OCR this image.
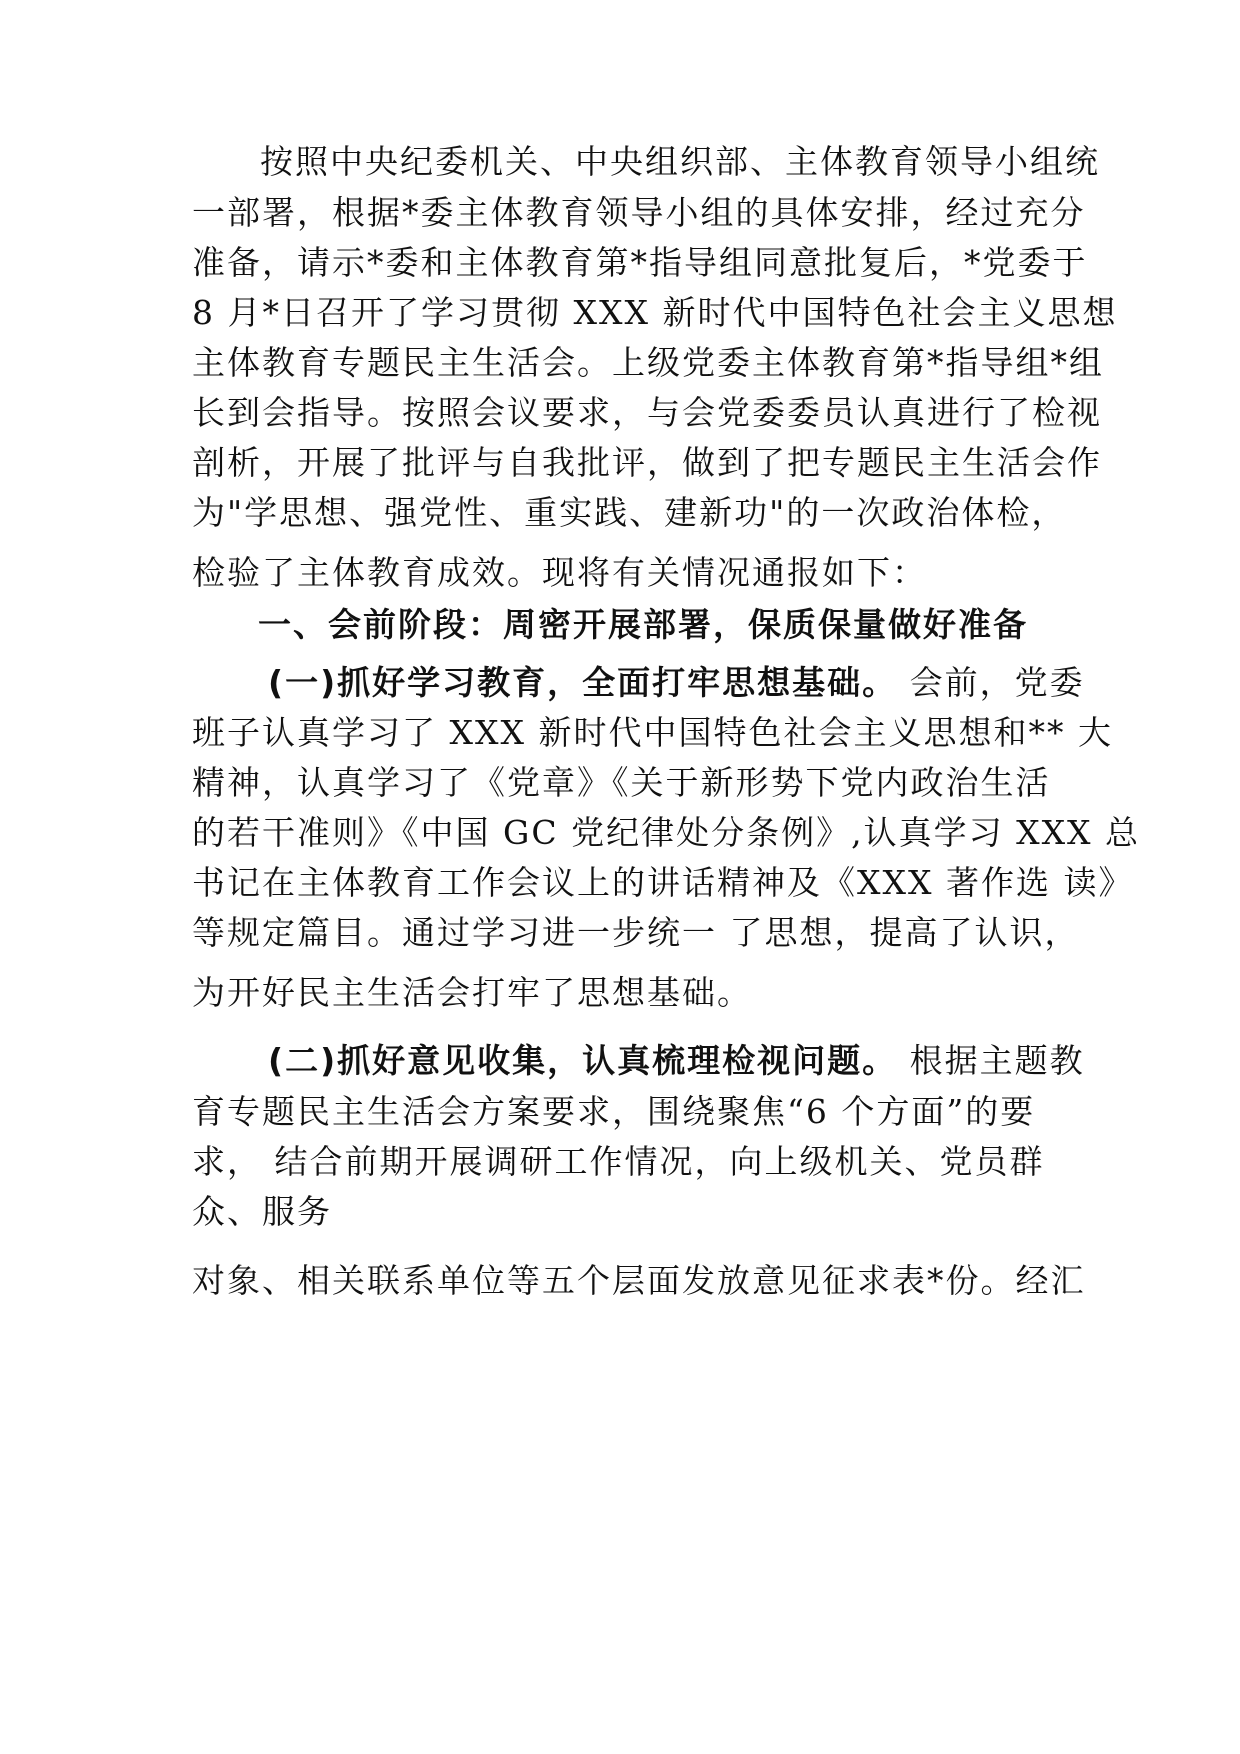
按照中央纪委机关、中央组织部、主体教育领导小组统
一部署，根据*委主体教育领导小组的具体安排，经过充分
准备，请示*委和主体教育第*指导组同意批复后，*党委于
8 月*日召开了学习贯彻 XXX 新时代中国特色社会主义思想
主体教育专题民主生活会。上级党委主体教育第*指导组*组
长到会指导。按照会议要求，与会党委委员认真进行了检视
剖析，开展了批评与自我批评，做到了把专题民主生活会作
为"学思想、强党性、重实践、建新功"的一次政治体检，
检验了主体教育成效。现将有关情况通报如下：
一、会前阶段：周密开展部署，保质保量做好准备
(一)抓好学习教育，全面打牢思想基础。 会前，党委
班子认真学习了 XXX 新时代中国特色社会主义思想和** 大
精神，认真学习了《党章》《关于新形势下党内政治生活
的若干准则》《中国 GC 党纪律处分条例》,认真学习 XXX 总
书记在主体教育工作会议上的讲话精神及《XXX 著作选 读》
等规定篇目。通过学习进一步统一 了思想，提高了认识，
为开好民主生活会打牢了思想基础。
(二)抓好意见收集，认真梳理检视问题。 根据主题教
育专题民主生活会方案要求，围绕聚焦“6 个方面”的要
求， 结合前期开展调研工作情况，向上级机关、党员群
众、服务
对象、相关联系单位等五个层面发放意见征求表*份。经汇
